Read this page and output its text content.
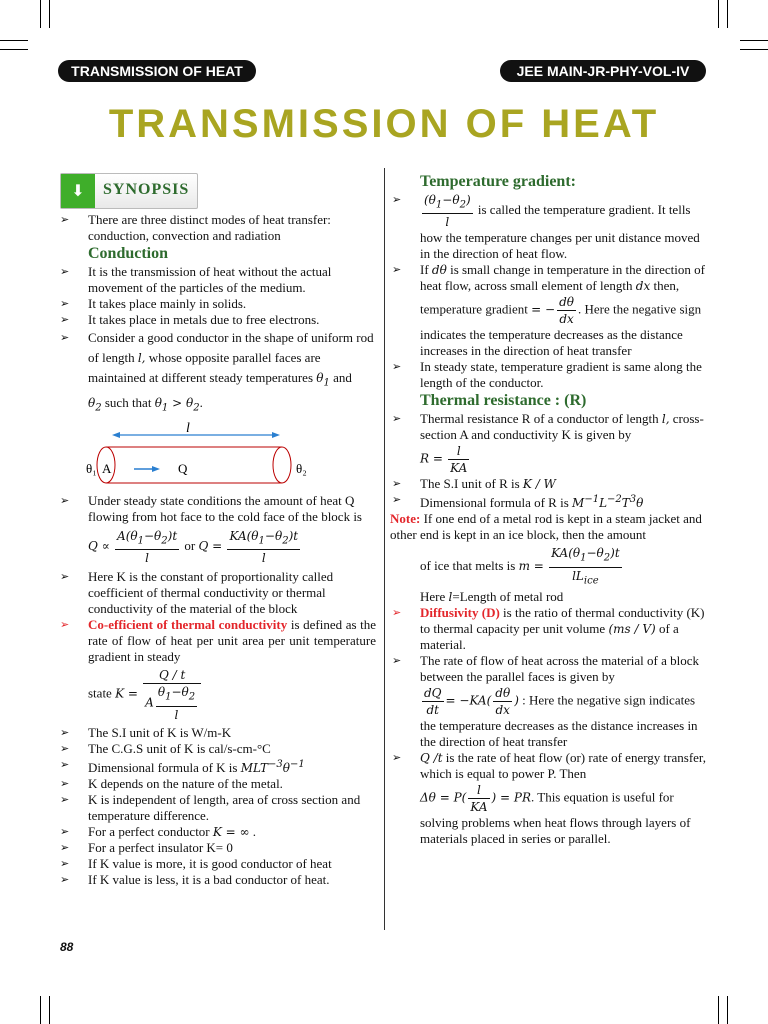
TRANSMISSION OF HEAT	JEE MAIN-JR-PHY-VOL-IV
TRANSMISSION OF HEAT
⬇	SYNOPSIS

➢ There are three distinct modes of heat transfer: conduction, convection and radiation

Conduction

➢ It is the transmission of heat without the actual movement of the particles of the medium.

➢ It takes place mainly in solids.

➢ It takes place in metals due to free electrons.

➢ Consider a good conductor in the shape of uniform rod of length l, whose opposite parallel faces are maintained at different steady temperatures $\theta_1$ and
$\theta_2$ such that $\theta_1 > \theta_2$.

l
θ₁ A	Q	θ₂

➢ Under steady state conditions the amount of heat Q flowing from hot face to the cold face of the block is

$Q \propto \frac{A(\theta_1-\theta_2)t}{l}$ or $Q = \frac{KA(\theta_1-\theta_2)t}{l}$

➢ Here K is the constant of proportionality called coefficient of thermal conductivity or thermal conductivity of the material of the block

➢ Co-efficient of thermal conductivity is defined as the rate of flow of heat per unit area per unit temperature gradient in steady

state $K = \frac{Q / t}{A \frac{\theta_1-\theta_2}{l}}$

➢ The S.I unit of K is W/m-K

➢ The C.G.S unit of K is cal/s-cm-°C

➢ Dimensional formula of K is $MLT^{-3}\theta^{-1}$

➢ K depends on the nature of the metal.

➢ K is independent of length, area of cross section and temperature difference.

➢ For a perfect conductor K = ∞ .

➢ For a perfect insulator K= 0

➢ If K value is more, it is good conductor of heat

➢ If K value is less, it is a bad conductor of heat.

Temperature gradient:

➢ $\frac{(\theta_1-\theta_2)}{l}$ is called the temperature gradient. It tells how the temperature changes per unit distance moved in the direction of heat flow.

➢ If dθ is small change in temperature in the direction of heat flow, across small element of length dx then,
temperature gradient = − $\frac{d\theta}{dx}$ . Here the negative sign indicates the temperature decreases as the distance increases in the direction of heat transfer

➢ In steady state, temperature gradient is same along the length of the conductor.

Thermal resistance : (R)

➢ Thermal resistance R of a conductor of length l, cross-section A and conductivity K is given by
$R = \frac{l}{KA}$

➢ The S.I unit of R is K / W

➢ Dimensional formula of R is $M^{-1}L^{-2}T^3\theta$

Note: If one end of a metal rod is kept in a steam jacket and other end is kept in an ice block, then the amount

of ice that melts is $m = \frac{KA(\theta_1-\theta_2)t}{lL_{ice}}$

Here l=Length of metal rod

➢ Diffusivity (D) is the ratio of thermal conductivity (K) to thermal capacity per unit volume (ms / V) of a material.

➢ The rate of flow of heat across the material of a block between the parallel faces is given by

$\frac{dQ}{dt} = -KA( \frac{d\theta}{dx}$ ) : Here the negative sign indicates the temperature decreases as the distance increases in the direction of heat transfer

➢ Q /t is the rate of heat flow (or) rate of energy transfer, which is equal to power P. Then
$\Delta\theta = P( \frac{l}{KA}$ ) = PR. This equation is useful for solving problems when heat flows through layers of materials placed in series or parallel.

88
